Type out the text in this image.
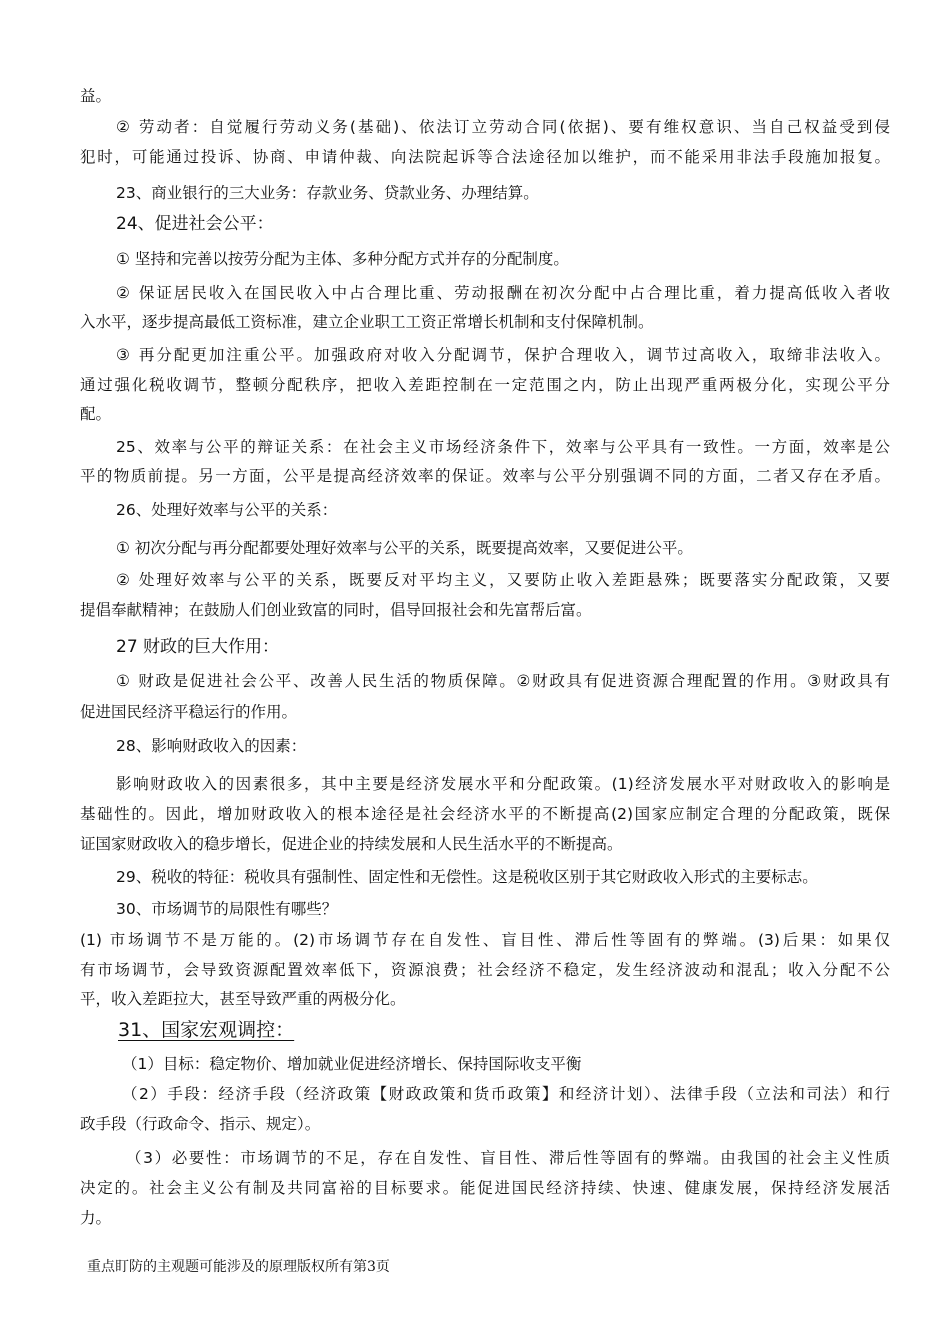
益。
② 劳动者：自觉履行劳动义务(基础)、依法订立劳动合同(依据)、要有维权意识、当自己权益受到侵
犯时，可能通过投诉、协商、申请仲裁、向法院起诉等合法途径加以维护，而不能采用非法手段施加报复。
23、商业银行的三大业务：存款业务、贷款业务、办理结算。
24、促进社会公平：
① 坚持和完善以按劳分配为主体、多种分配方式并存的分配制度。
② 保证居民收入在国民收入中占合理比重、劳动报酬在初次分配中占合理比重，着力提高低收入者收
入水平，逐步提高最低工资标准，建立企业职工工资正常增长机制和支付保障机制。
③ 再分配更加注重公平。加强政府对收入分配调节，保护合理收入，调节过高收入，取缔非法收入。
通过强化税收调节，整顿分配秩序，把收入差距控制在一定范围之内，防止出现严重两极分化，实现公平分
配。
25、效率与公平的辩证关系：在社会主义市场经济条件下，效率与公平具有一致性。一方面，效率是公
平的物质前提。另一方面，公平是提高经济效率的保证。效率与公平分别强调不同的方面，二者又存在矛盾。
26、处理好效率与公平的关系：
① 初次分配与再分配都要处理好效率与公平的关系，既要提高效率，又要促进公平。
② 处理好效率与公平的关系，既要反对平均主义，又要防止收入差距悬殊；既要落实分配政策，又要
提倡奉献精神；在鼓励人们创业致富的同时，倡导回报社会和先富帮后富。
27 财政的巨大作用：
① 财政是促进社会公平、改善人民生活的物质保障。②财政具有促进资源合理配置的作用。③财政具有
促进国民经济平稳运行的作用。
28、影响财政收入的因素：
影响财政收入的因素很多，其中主要是经济发展水平和分配政策。(1)经济发展水平对财政收入的影响是
基础性的。因此，增加财政收入的根本途径是社会经济水平的不断提高(2)国家应制定合理的分配政策，既保
证国家财政收入的稳步增长，促进企业的持续发展和人民生活水平的不断提高。
29、税收的特征：税收具有强制性、固定性和无偿性。这是税收区别于其它财政收入形式的主要标志。
30、市场调节的局限性有哪些？
(1) 市场调节不是万能的。(2)市场调节存在自发性、盲目性、滞后性等固有的弊端。(3)后果：如果仅
有市场调节，会导致资源配置效率低下，资源浪费；社会经济不稳定，发生经济波动和混乱；收入分配不公
平，收入差距拉大，甚至导致严重的两极分化。
31、国家宏观调控：
（1）目标：稳定物价、增加就业促进经济增长、保持国际收支平衡
（2）手段：经济手段（经济政策【财政政策和货币政策】和经济计划）、法律手段（立法和司法）和行
政手段（行政命令、指示、规定）。
（3）必要性：市场调节的不足，存在自发性、盲目性、滞后性等固有的弊端。由我国的社会主义性质
决定的。社会主义公有制及共同富裕的目标要求。能促进国民经济持续、快速、健康发展，保持经济发展活
力。
重点盯防的主观题可能涉及的原理版权所有第3页
